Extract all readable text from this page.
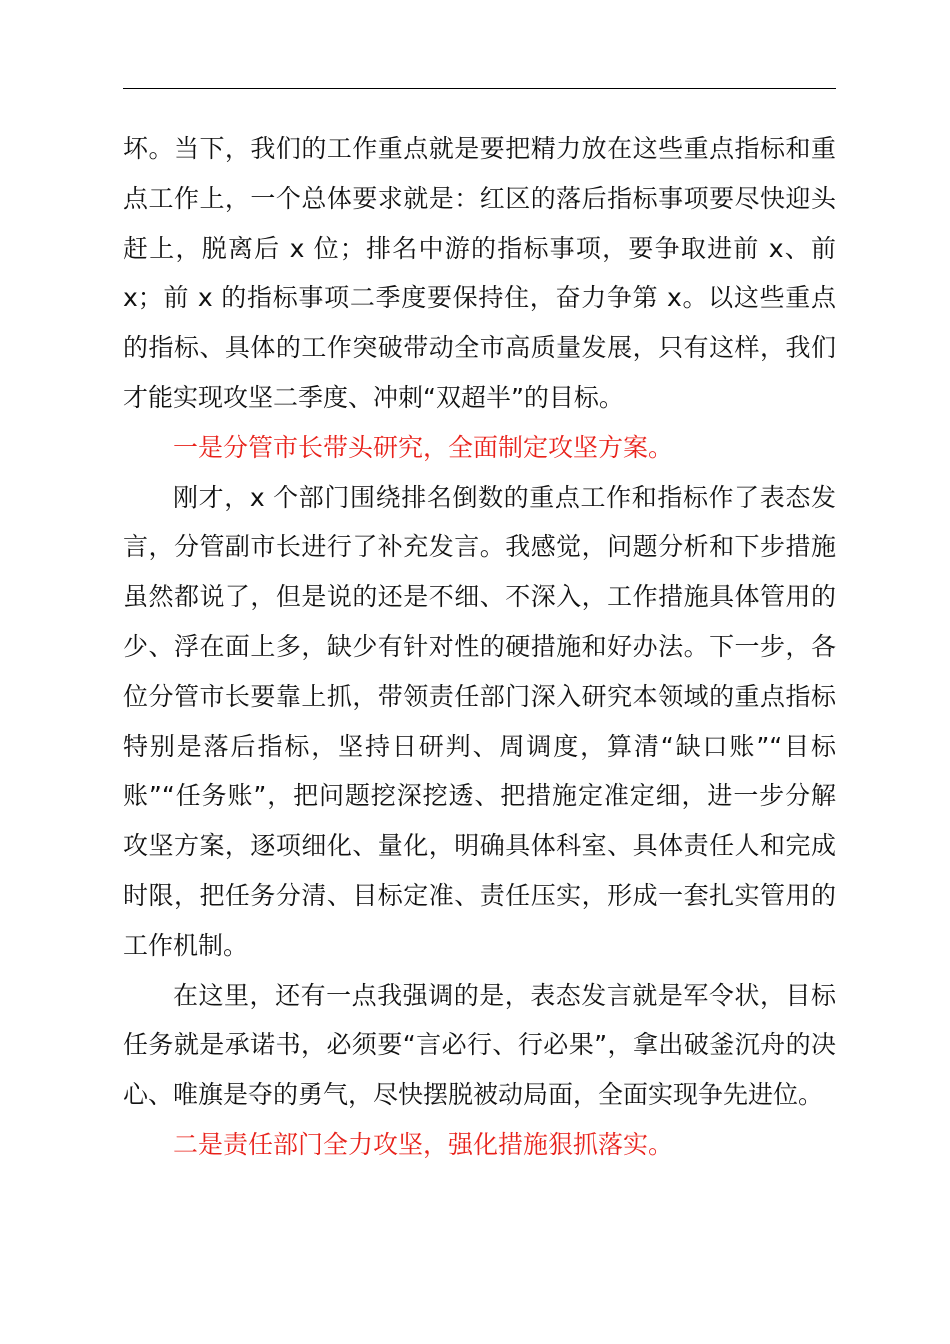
坏。当下，我们的工作重点就是要把精力放在这些重点指标和重点工作上，一个总体要求就是：红区的落后指标事项要尽快迎头赶上，脱离后 x 位；排名中游的指标事项，要争取进前 x、前 x；前 x 的指标事项二季度要保持住，奋力争第 x。以这些重点的指标、具体的工作突破带动全市高质量发展，只有这样，我们才能实现攻坚二季度、冲刺“双超半”的目标。

一是分管市长带头研究，全面制定攻坚方案。

刚才，x 个部门围绕排名倒数的重点工作和指标作了表态发言，分管副市长进行了补充发言。我感觉，问题分析和下步措施虽然都说了，但是说的还是不细、不深入，工作措施具体管用的少、浮在面上多，缺少有针对性的硬措施和好办法。下一步，各位分管市长要靠上抓，带领责任部门深入研究本领域的重点指标特别是落后指标，坚持日研判、周调度，算清“缺口账”“目标账”“任务账”，把问题挖深挖透、把措施定准定细，进一步分解攻坚方案，逐项细化、量化，明确具体科室、具体责任人和完成时限，把任务分清、目标定准、责任压实，形成一套扎实管用的工作机制。

在这里，还有一点我强调的是，表态发言就是军令状，目标任务就是承诺书，必须要“言必行、行必果”，拿出破釜沉舟的决心、唯旗是夺的勇气，尽快摆脱被动局面，全面实现争先进位。

二是责任部门全力攻坚，强化措施狠抓落实。
